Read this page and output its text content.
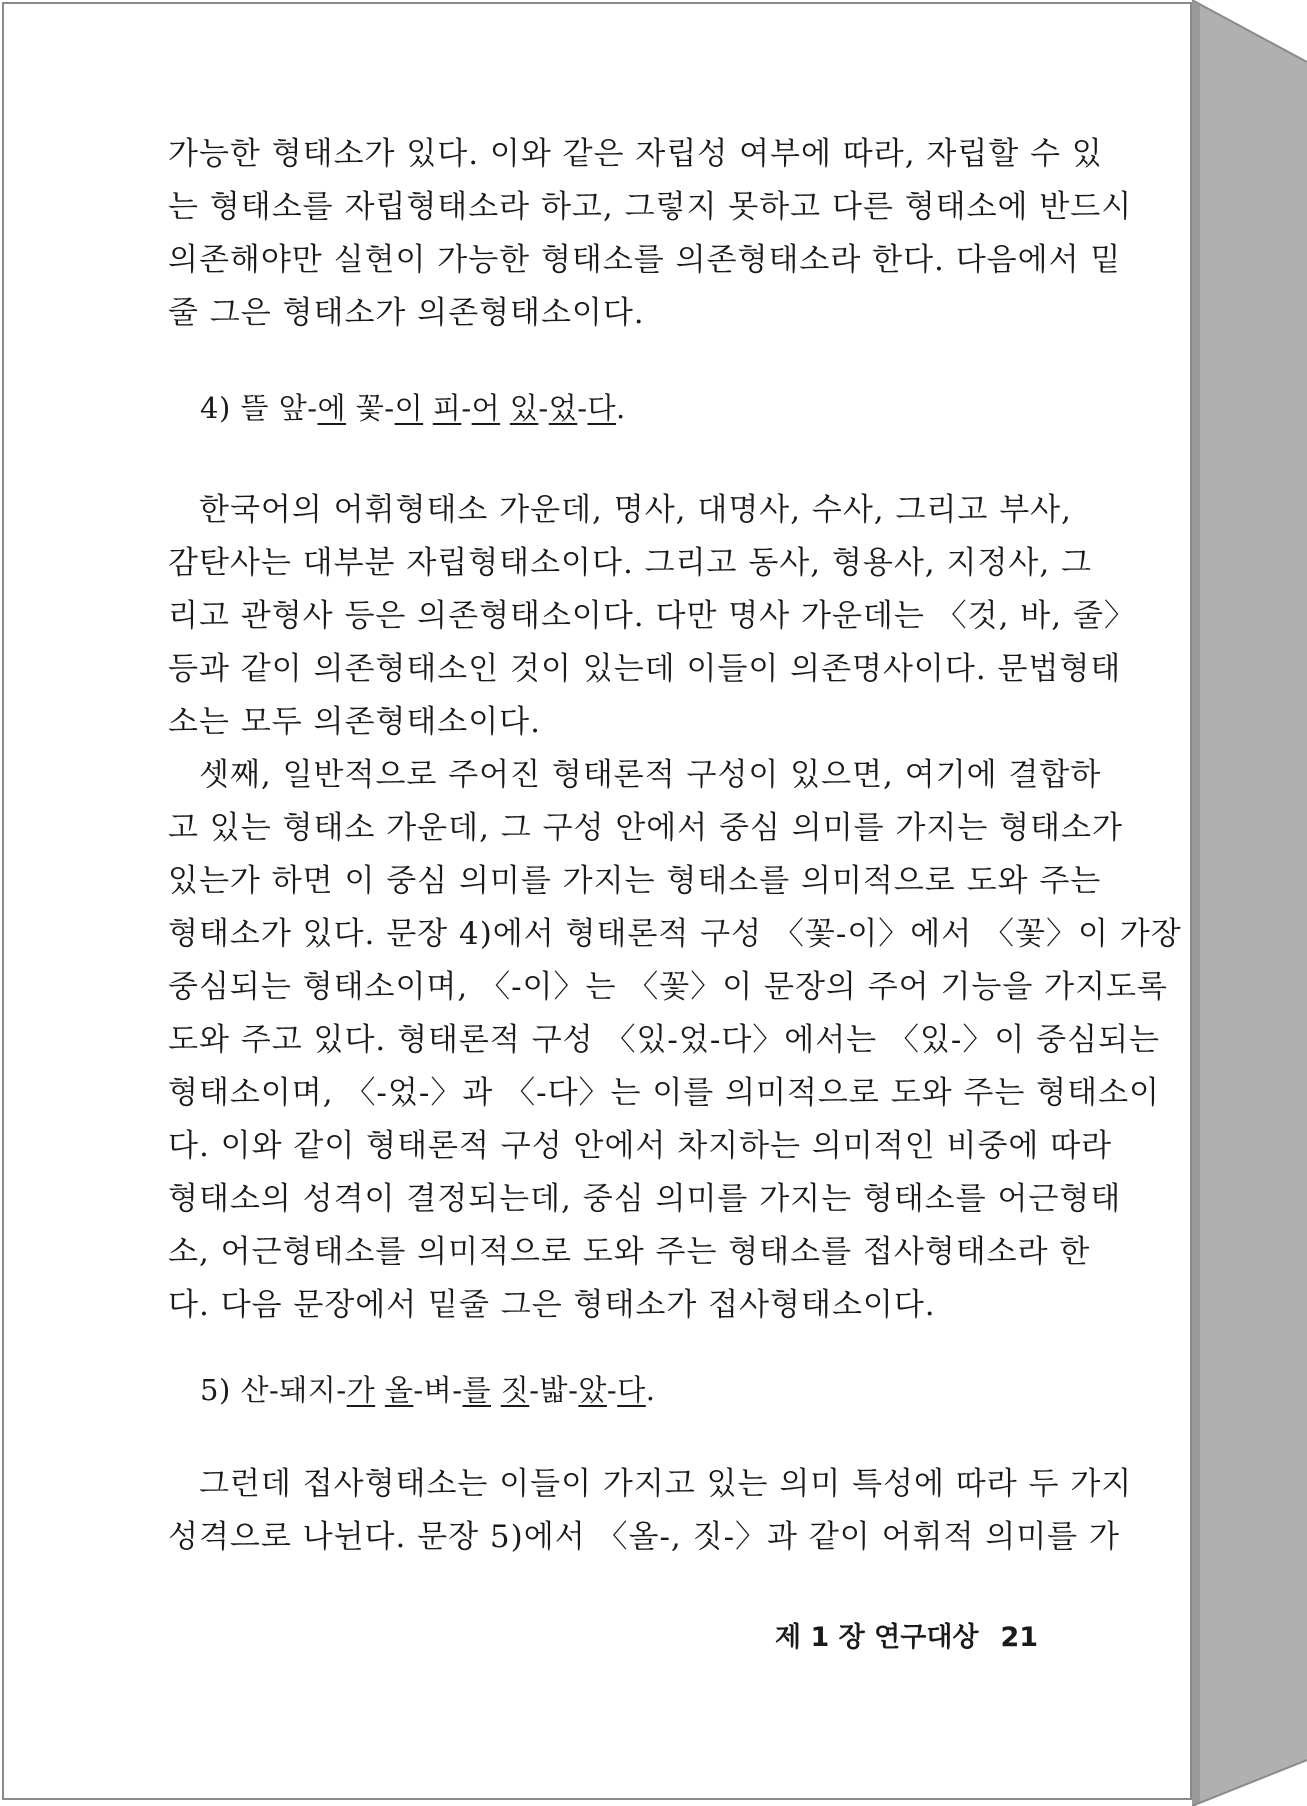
가능한 형태소가 있다. 이와 같은 자립성 여부에 따라, 자립할 수 있
는 형태소를 자립형태소라 하고, 그렇지 못하고 다른 형태소에 반드시
의존해야만 실현이 가능한 형태소를 의존형태소라 한다. 다음에서 밑
줄 그은 형태소가 의존형태소이다.

4) 뜰 앞-에 꽃-이 피-어 있-었-다.

한국어의 어휘형태소 가운데, 명사, 대명사, 수사, 그리고 부사,
감탄사는 대부분 자립형태소이다. 그리고 동사, 형용사, 지정사, 그
리고 관형사 등은 의존형태소이다. 다만 명사 가운데는 〈것, 바, 줄〉
등과 같이 의존형태소인 것이 있는데 이들이 의존명사이다. 문법형태
소는 모두 의존형태소이다.

셋째, 일반적으로 주어진 형태론적 구성이 있으면, 여기에 결합하
고 있는 형태소 가운데, 그 구성 안에서 중심 의미를 가지는 형태소가
있는가 하면 이 중심 의미를 가지는 형태소를 의미적으로 도와 주는
형태소가 있다. 문장 4)에서 형태론적 구성 〈꽃-이〉에서 〈꽃〉이 가장
중심되는 형태소이며, 〈-이〉는 〈꽃〉이 문장의 주어 기능을 가지도록
도와 주고 있다. 형태론적 구성 〈있-었-다〉에서는 〈있-〉이 중심되는
형태소이며, 〈-었-〉과 〈-다〉는 이를 의미적으로 도와 주는 형태소이
다. 이와 같이 형태론적 구성 안에서 차지하는 의미적인 비중에 따라
형태소의 성격이 결정되는데, 중심 의미를 가지는 형태소를 어근형태
소, 어근형태소를 의미적으로 도와 주는 형태소를 접사형태소라 한
다. 다음 문장에서 밑줄 그은 형태소가 접사형태소이다.

5) 산-돼지-가 올-벼-를 짓-밟-았-다.

그런데 접사형태소는 이들이 가지고 있는 의미 특성에 따라 두 가지
성격으로 나뉜다. 문장 5)에서 〈올-, 짓-〉과 같이 어휘적 의미를 가

제 1 장 연구대상 21
